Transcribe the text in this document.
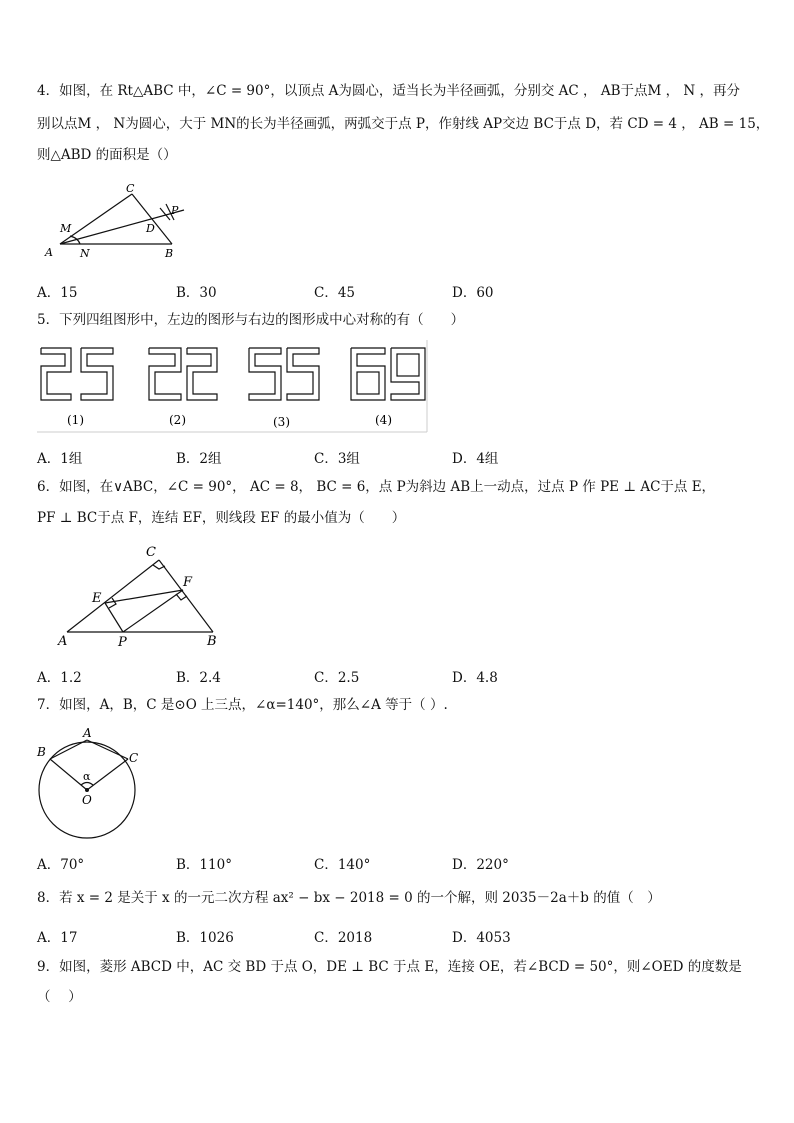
4．如图，在 Rt△ABC 中，∠C = 90°，以顶点 A为圆心，适当长为半径画弧，分别交 AC ， AB于点M ， N ，再分
别以点M ， N为圆心，大于 MN的长为半径画弧，两弧交于点 P，作射线 AP交边 BC于点 D，若 CD = 4 ， AB = 15，
则△ABD 的面积是（）
C
P
D
M
A N	B
A．15	B．30	C．45	D．60
5．下列四组图形中，左边的图形与右边的图形成中心对称的有（　　）
(1)	(2)	(3)	(4)
A．1组	B．2组	C．3组	D．4组
6．如图，在∨ABC，∠C = 90°， AC = 8， BC = 6，点 P为斜边 AB上一动点，过点 P 作 PE ⊥ AC于点 E，
PF ⊥ BC于点 F，连结 EF，则线段 EF 的最小值为（　　）
C
F
E
A	P	B
A．1.2	B．2.4	C．2.5	D．4.8
7．如图，A，B，C 是⊙O 上三点，∠α=140°，那么∠A 等于（ ）.
A
B	C
α
O
A．70°	B．110°	C．140°	D．220°
8．若 x = 2 是关于 x 的一元二次方程 ax² − bx − 2018 = 0 的一个解，则 2035－2a＋b 的值（　）
A．17	B．1026	C．2018	D．4053
9．如图，菱形 ABCD 中，AC 交 BD 于点 O，DE ⊥ BC 于点 E，连接 OE，若∠BCD = 50°，则∠OED 的度数是
（　 ）
